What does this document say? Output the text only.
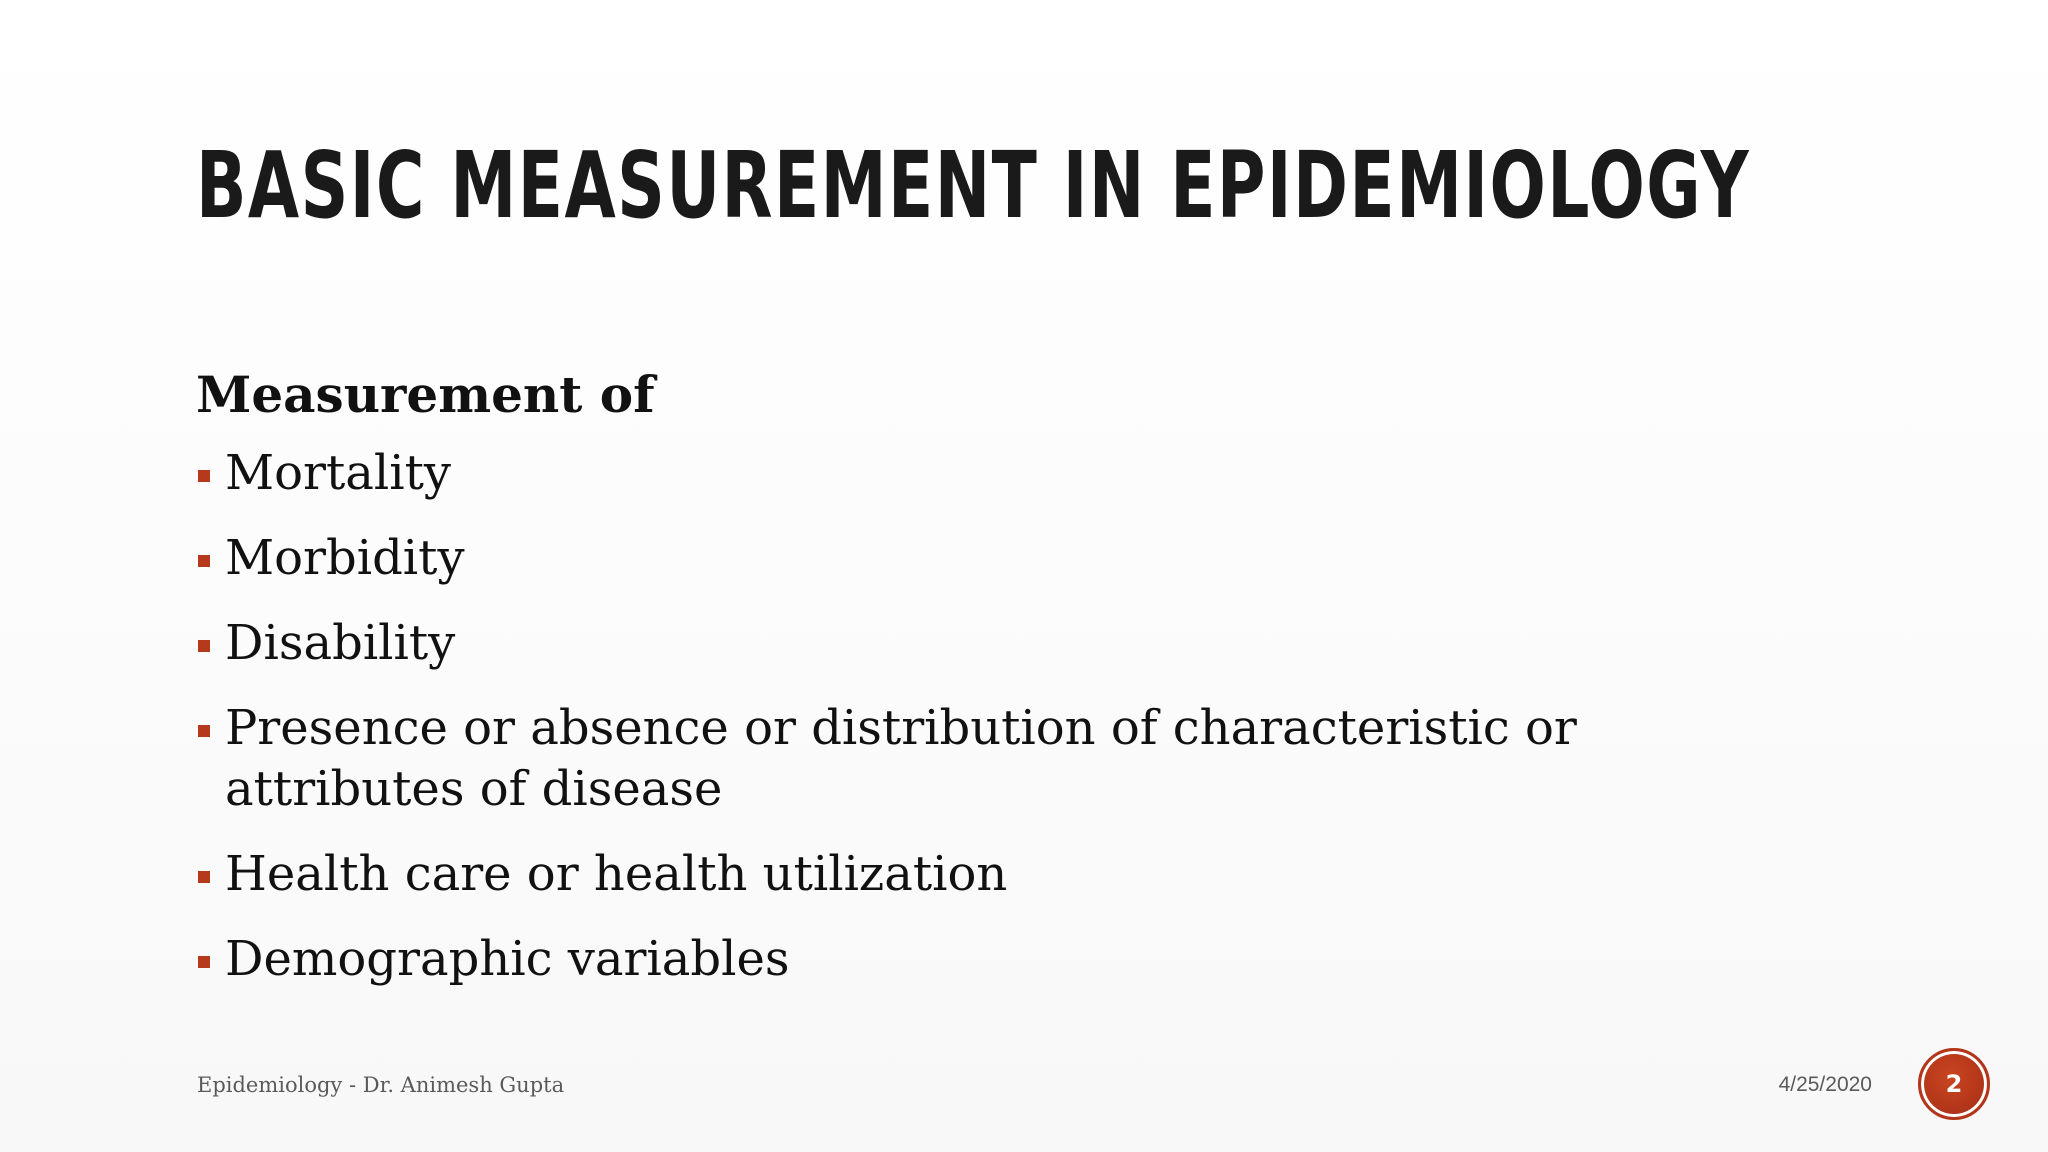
BASIC MEASUREMENT IN EPIDEMIOLOGY
Measurement of
Mortality
Morbidity
Disability
Presence or absence or distribution of characteristic or attributes of disease
Health care or health utilization
Demographic variables
Epidemiology - Dr. Animesh Gupta	4/25/2020	2
